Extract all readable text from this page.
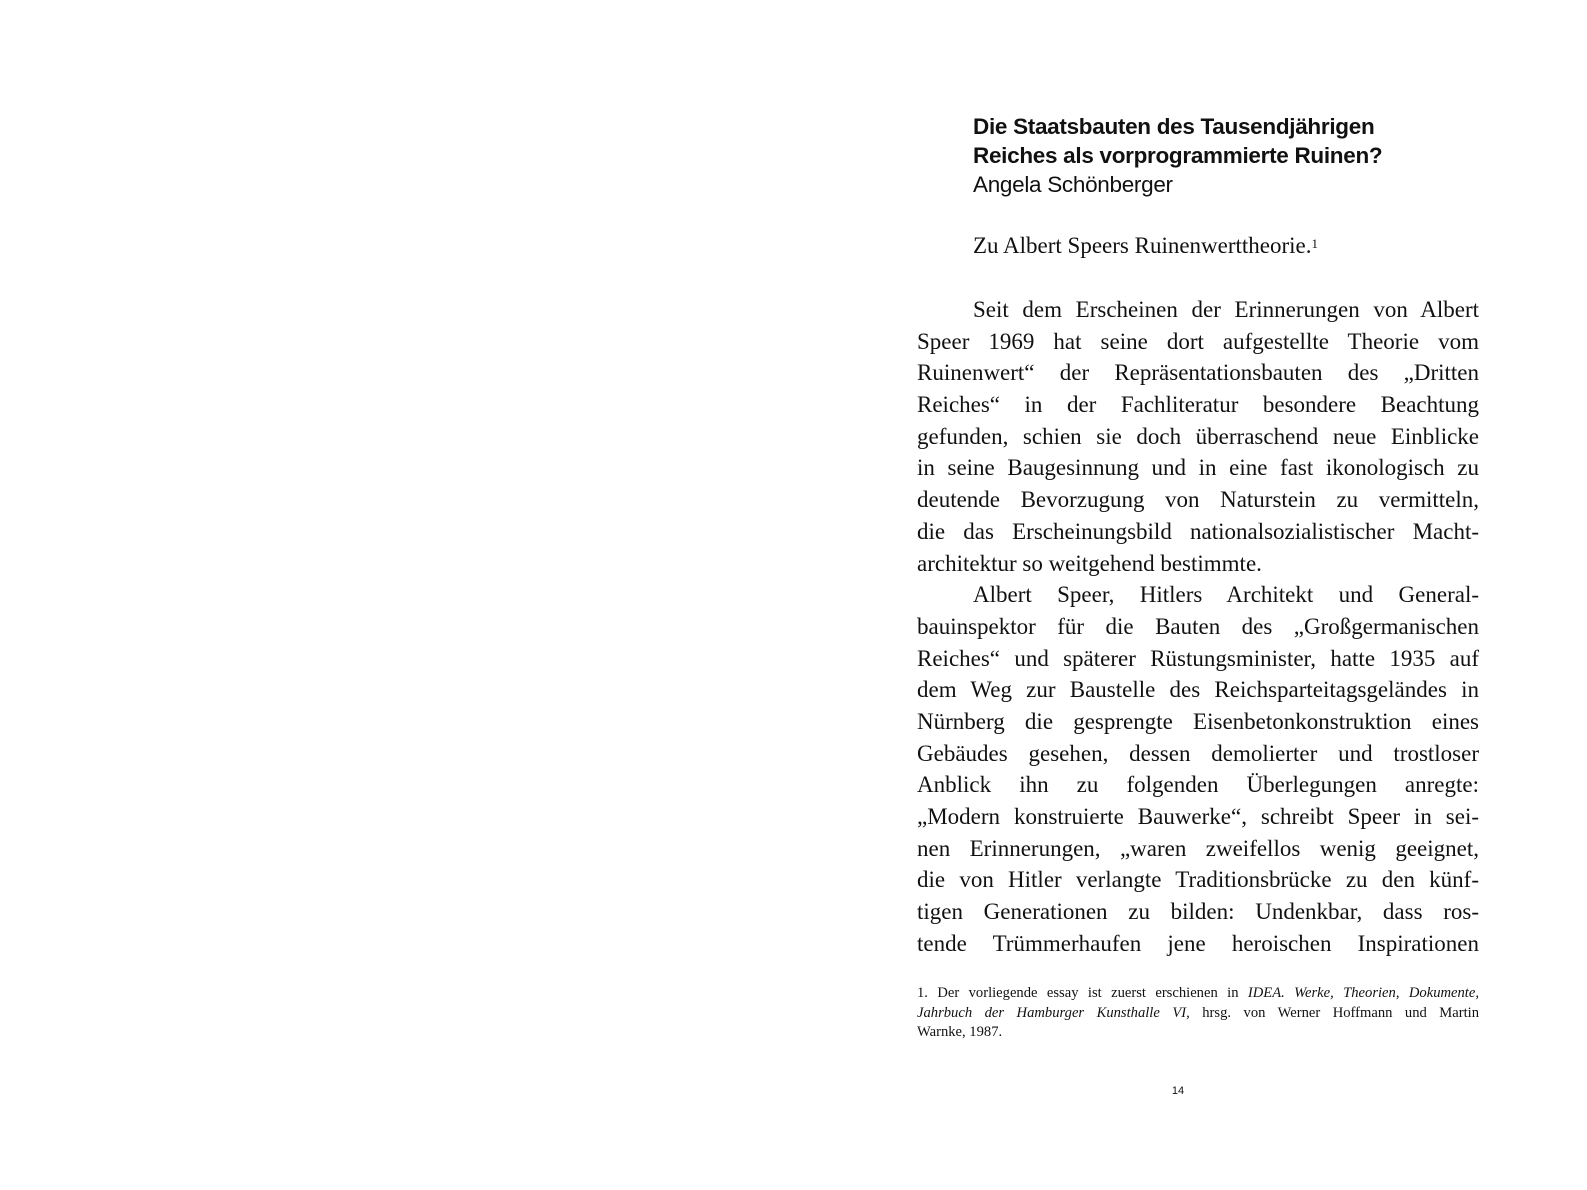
Die Staatsbauten des Tausendjährigen
Reiches als vorprogrammierte Ruinen?
Angela Schönberger

Zu Albert Speers Ruinenwerttheorie.$^1$

Seit dem Erscheinen der Erinnerungen von Albert
Speer 1969 hat seine dort aufgestellte Theorie vom
Ruinenwert“ der Repräsentationsbauten des „Dritten
Reiches“ in der Fachliteratur besondere Beachtung
gefunden, schien sie doch überraschend neue Einblicke
in seine Baugesinnung und in eine fast ikonologisch zu
deutende Bevorzugung von Naturstein zu vermitteln,
die das Erscheinungsbild nationalsozialistischer Macht-
architektur so weitgehend bestimmte.
Albert Speer, Hitlers Architekt und General-
bauinspektor für die Bauten des „Großgermanischen
Reiches“ und späterer Rüstungsminister, hatte 1935 auf
dem Weg zur Baustelle des Reichsparteitagsgeländes in
Nürnberg die gesprengte Eisenbetonkonstruktion eines
Gebäudes gesehen, dessen demolierter und trostloser
Anblick ihn zu folgenden Überlegungen anregte:
„Modern konstruierte Bauwerke“, schreibt Speer in sei-
nen Erinnerungen, „waren zweifellos wenig geeignet,
die von Hitler verlangte Traditionsbrücke zu den künf-
tigen Generationen zu bilden: Undenkbar, dass ros-
tende Trümmerhaufen jene heroischen Inspirationen
1. Der vorliegende essay ist zuerst erschienen in IDEA. Werke, Theorien, Dokumente,
Jahrbuch der Hamburger Kunsthalle VI, hrsg. von Werner Hoffmann und Martin
Warnke, 1987.
14
